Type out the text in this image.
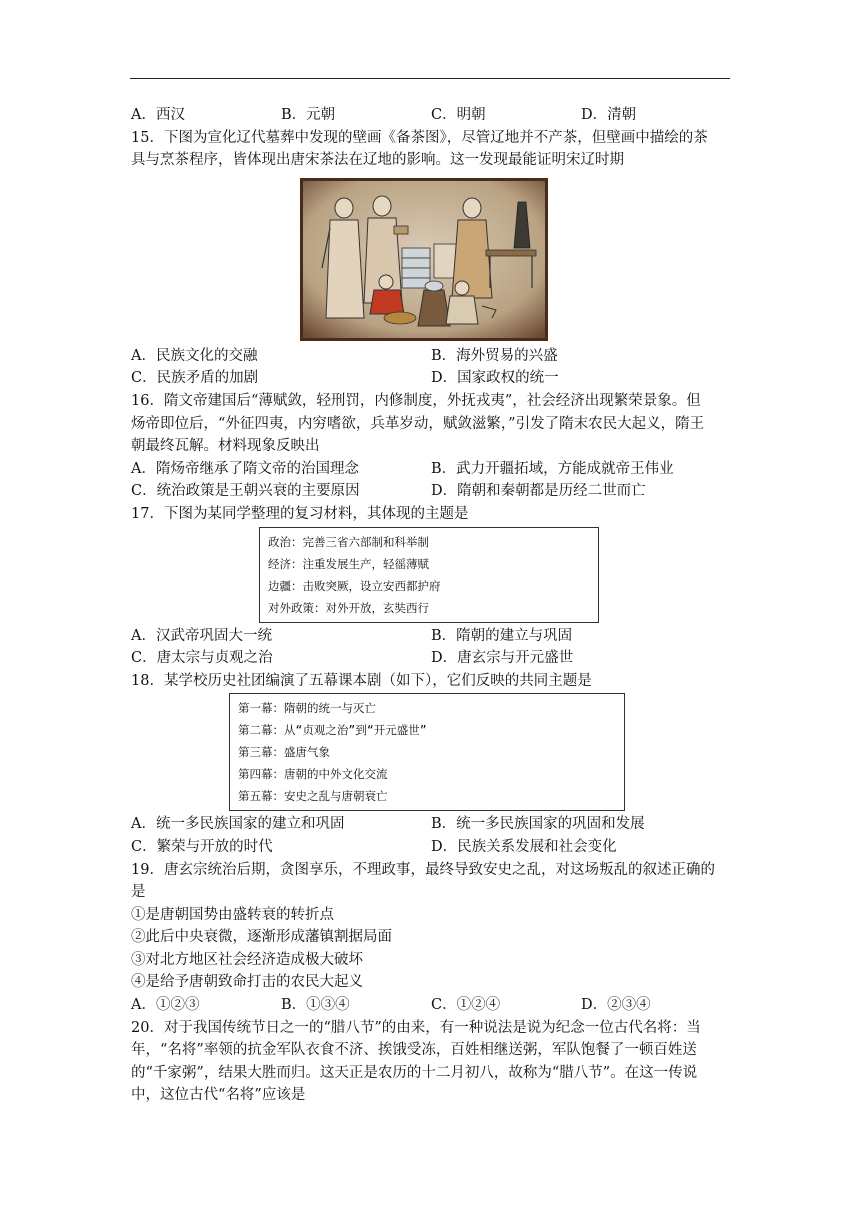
A．西汉	B．元朝	C．明朝	D．清朝
15．下图为宣化辽代墓葬中发现的壁画《备茶图》，尽管辽地并不产茶，但壁画中描绘的茶
具与烹茶程序，皆体现出唐宋茶法在辽地的影响。这一发现最能证明宋辽时期
A．民族文化的交融	B．海外贸易的兴盛
C．民族矛盾的加剧	D．国家政权的统一
16．隋文帝建国后“薄赋敛，轻刑罚，内修制度，外抚戎夷”，社会经济出现繁荣景象。但
炀帝即位后，“外征四夷，内穷嗜欲，兵革岁动，赋敛滋繁，”引发了隋末农民大起义，隋王
朝最终瓦解。材料现象反映出
A．隋炀帝继承了隋文帝的治国理念	B．武力开疆拓域，方能成就帝王伟业
C．统治政策是王朝兴衰的主要原因	D．隋朝和秦朝都是历经二世而亡
17．下图为某同学整理的复习材料，其体现的主题是
政治：完善三省六部制和科举制
经济：注重发展生产，轻徭薄赋
边疆：击败突厥，设立安西都护府
对外政策：对外开放，玄奘西行
A．汉武帝巩固大一统	B．隋朝的建立与巩固
C．唐太宗与贞观之治	D．唐玄宗与开元盛世
18．某学校历史社团编演了五幕课本剧（如下），它们反映的共同主题是
第一幕：隋朝的统一与灭亡
第二幕：从“贞观之治”到“开元盛世”
第三幕：盛唐气象
第四幕：唐朝的中外文化交流
第五幕：安史之乱与唐朝衰亡
A．统一多民族国家的建立和巩固	B．统一多民族国家的巩固和发展
C．繁荣与开放的时代	D．民族关系发展和社会变化
19．唐玄宗统治后期，贪图享乐，不理政事，最终导致安史之乱，对这场叛乱的叙述正确的
是
①是唐朝国势由盛转衰的转折点
②此后中央衰微，逐渐形成藩镇割据局面
③对北方地区社会经济造成极大破坏
④是给予唐朝致命打击的农民大起义
A．①②③	B．①③④	C．①②④	D．②③④
20．对于我国传统节日之一的“腊八节”的由来，有一种说法是说为纪念一位古代名将：当
年，“名将”率领的抗金军队衣食不济、挨饿受冻，百姓相继送粥，军队饱餐了一顿百姓送
的“千家粥”，结果大胜而归。这天正是农历的十二月初八，故称为“腊八节”。在这一传说
中，这位古代“名将”应该是
